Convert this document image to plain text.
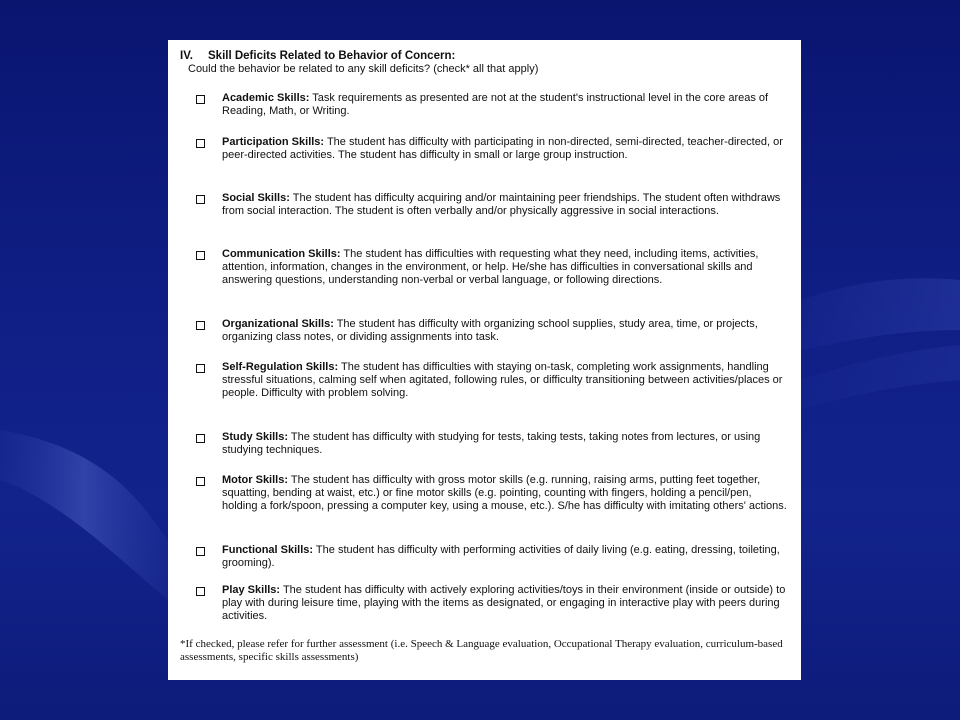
IV. Skill Deficits Related to Behavior of Concern:

Could the behavior be related to any skill deficits? (check* all that apply)

Academic Skills: Task requirements as presented are not at the student's instructional level in the core areas of Reading, Math, or Writing.
Participation Skills: The student has difficulty with participating in non-directed, semi-directed, teacher-directed, or peer-directed activities. The student has difficulty in small or large group instruction.
Social Skills: The student has difficulty acquiring and/or maintaining peer friendships. The student often withdraws from social interaction. The student is often verbally and/or physically aggressive in social interactions.
Communication Skills: The student has difficulties with requesting what they need, including items, activities, attention, information, changes in the environment, or help. He/she has difficulties in conversational skills and answering questions, understanding non-verbal or verbal language, or following directions.
Organizational Skills: The student has difficulty with organizing school supplies, study area, time, or projects, organizing class notes, or dividing assignments into task.
Self-Regulation Skills: The student has difficulties with staying on-task, completing work assignments, handling stressful situations, calming self when agitated, following rules, or difficulty transitioning between activities/places or people. Difficulty with problem solving.
Study Skills: The student has difficulty with studying for tests, taking tests, taking notes from lectures, or using studying techniques.
Motor Skills: The student has difficulty with gross motor skills (e.g. running, raising arms, putting feet together, squatting, bending at waist, etc.) or fine motor skills (e.g. pointing, counting with fingers, holding a pencil/pen, holding a fork/spoon, pressing a computer key, using a mouse, etc.). S/he has difficulty with imitating others' actions.
Functional Skills: The student has difficulty with performing activities of daily living (e.g. eating, dressing, toileting, grooming).
Play Skills: The student has difficulty with actively exploring activities/toys in their environment (inside or outside) to play with during leisure time, playing with the items as designated, or engaging in interactive play with peers during activities.
*If checked, please refer for further assessment (i.e. Speech & Language evaluation, Occupational Therapy evaluation, curriculum-based assessments, specific skills assessments)
